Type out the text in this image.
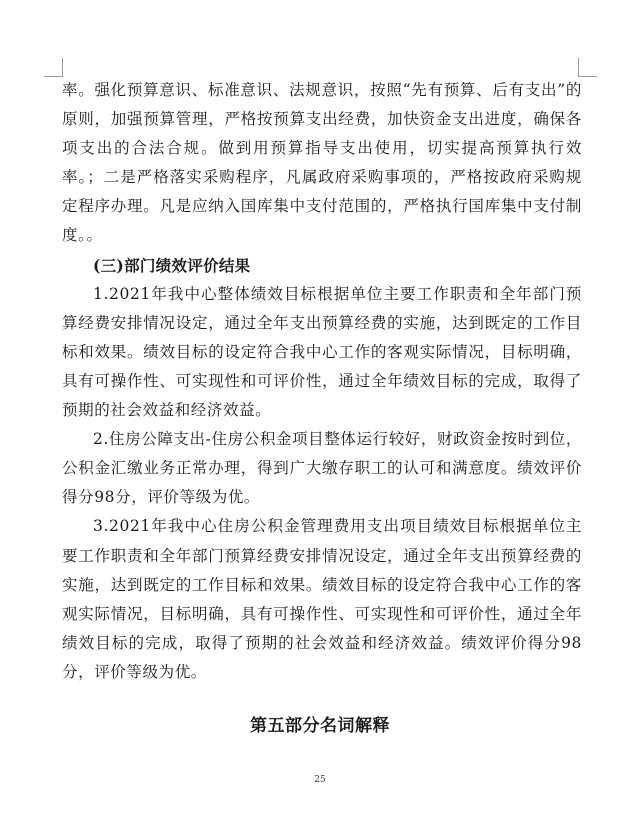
率。强化预算意识、标准意识、法规意识，按照“先有预算、后有支出”的原则，加强预算管理，严格按预算支出经费，加快资金支出进度，确保各项支出的合法合规。做到用预算指导支出使用，切实提高预算执行效率。；二是严格落实采购程序，凡属政府采购事项的，严格按政府采购规定程序办理。凡是应纳入国库集中支付范围的，严格执行国库集中支付制度。。

(三)部门绩效评价结果

1.2021年我中心整体绩效目标根据单位主要工作职责和全年部门预算经费安排情况设定，通过全年支出预算经费的实施，达到既定的工作目标和效果。绩效目标的设定符合我中心工作的客观实际情况，目标明确，具有可操作性、可实现性和可评价性，通过全年绩效目标的完成，取得了预期的社会效益和经济效益。

2.住房公障支出-住房公积金项目整体运行较好，财政资金按时到位，公积金汇缴业务正常办理，得到广大缴存职工的认可和满意度。绩效评价得分98分，评价等级为优。

3.2021年我中心住房公积金管理费用支出项目绩效目标根据单位主要工作职责和全年部门预算经费安排情况设定，通过全年支出预算经费的实施，达到既定的工作目标和效果。绩效目标的设定符合我中心工作的客观实际情况，目标明确，具有可操作性、可实现性和可评价性，通过全年绩效目标的完成，取得了预期的社会效益和经济效益。绩效评价得分98分，评价等级为优。

第五部分名词解释
25
